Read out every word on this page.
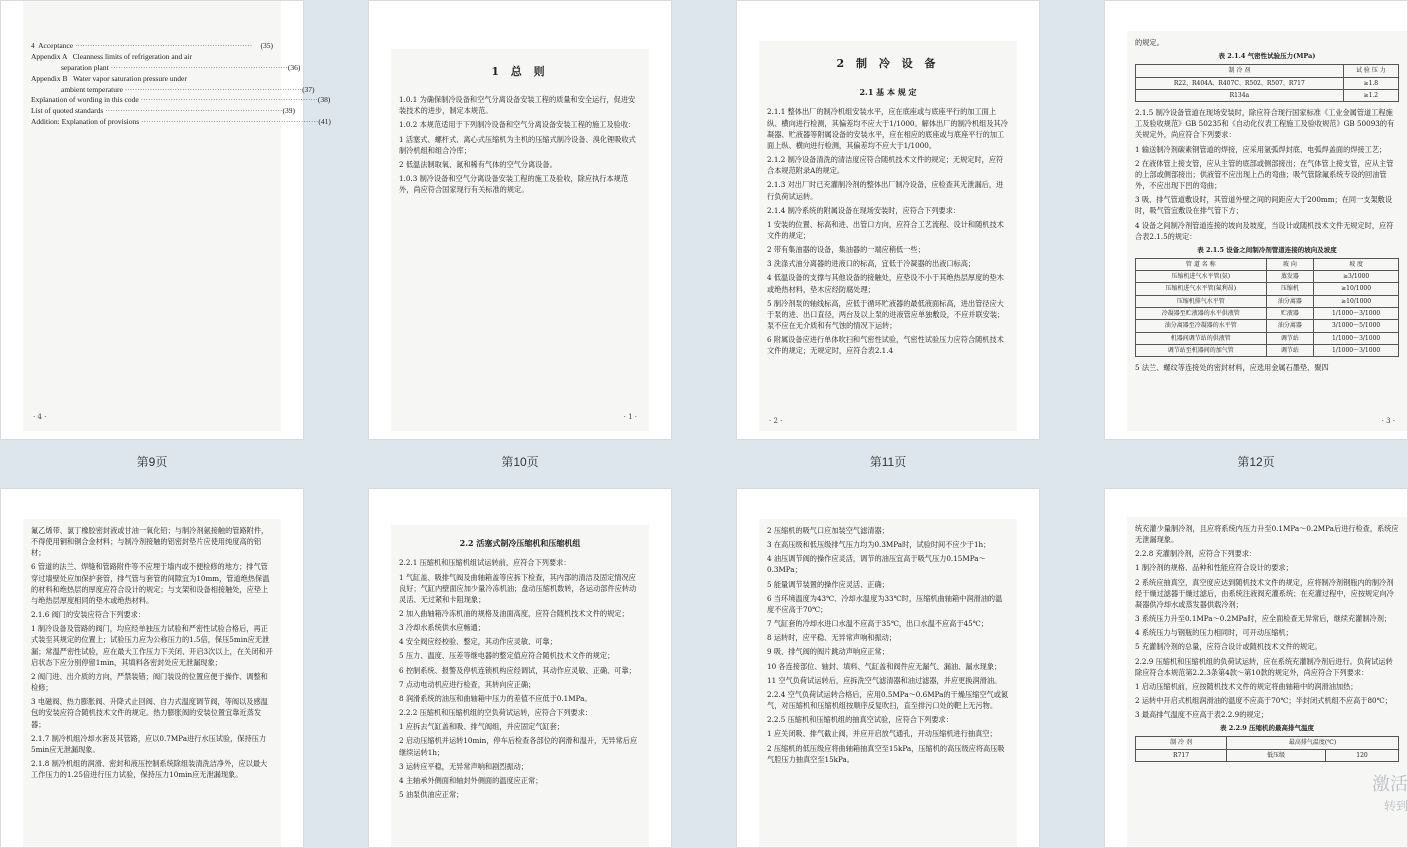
4  Acceptance ·······································································	(35)
Appendix A   Cleanness limits of refrigeration and air
separation plant ······································································· (36)
Appendix B   Water vapor saturation pressure under
ambient temperature ······································································· (37)
Explanation of wording in this code ······································································· (38)
List of quoted standards ······································································· (39)
Addition: Explanation of provisions ······································································· (41)
· 4 ·
第9页
1 总 则
1.0.1 为确保制冷设备和空气分离设备安装工程的质量和安全运行，促进安装技术的进步，制定本规范。
1.0.2 本规范适用于下列制冷设备和空气分离设备安装工程的施工及验收：
1 活塞式、螺杆式、离心式压缩机为主机的压缩式制冷设备、溴化锂吸收式制冷机组和组合冷库；
2 低温法制取氧、氮和稀有气体的空气分离设备。
1.0.3 制冷设备和空气分离设备安装工程的施工及验收，除应执行本规范外，尚应符合国家现行有关标准的规定。
· 1 ·
第10页
2 制 冷 设 备
2.1 基 本 规 定
2.1.1 整体出厂的制冷机组安装水平，应在底座或与底座平行的加工面上纵、横向进行检测，其偏差均不应大于1/1000。解体出厂的制冷机组及其冷凝器、贮液器等附属设备的安装水平，应在相应的底座或与底座平行的加工面上纵、横向进行检测，其偏差均不应大于1/1000。
2.1.2 制冷设备清洗的清洁度应符合随机技术文件的规定；无规定时，应符合本规范附录A的规定。
2.1.3 对出厂时已充灌制冷剂的整体出厂制冷设备，应检查其无泄漏后，进行负荷试运转。
2.1.4 制冷系统的附属设备在现场安装时，应符合下列要求：
1 安装的位置、标高和进、出管口方向，应符合工艺流程、设计和随机技术文件的规定；
2 带有集油器的设备，集油器的一端应稍低一些；
3 洗涤式油分离器的进液口的标高，宜低于冷凝器的出液口标高；
4 低温设备的支撑与其他设备的接触处，应垫设不小于其绝热层厚度的垫木或绝热材料，垫木应经防腐处理；
5 制冷剂泵的轴线标高，应低于循环贮液器的最低液面标高，进出管径应大于泵的进、出口直径，两台及以上泵的进液管应单独敷设，不应并联安装；泵不应在无介质和有气蚀的情况下运转；
6 附属设备应进行单体吹扫和气密性试验，气密性试验压力应符合随机技术文件的规定；无规定时，应符合表2.1.4
· 2 ·
第11页
的规定。
表 2.1.4 气密性试验压力(MPa)
制 冷 剂	试 验 压 力
R22、R404A、R407C、R502、R507、R717	≥1.8
R134a	≥1.2
2.1.5 制冷设备管道在现场安装时，除应符合现行国家标准《工业金属管道工程施工及验收规范》GB 50235和《自动化仪表工程施工及验收规范》GB 50093的有关规定外，尚应符合下列要求：
1 输送制冷剂碳素钢管道的焊接，应采用氩弧焊封底、电弧焊盖面的焊接工艺；
2 在液体管上接支管，应从主管的底部或侧部接出；在气体管上接支管，应从主管的上部或侧部接出；供液管不应出现上凸的弯曲；吸气管除氟系统专设的回油管外，不应出现下凹的弯曲；
3 吸、排气管道敷设时，其管道外壁之间的间距应大于200mm；在同一支架敷设时，吸气管宜敷设在排气管下方；
4 设备之间制冷剂管道连接的坡向及坡度，当设计或随机技术文件无规定时，应符合表2.1.5的规定：
表 2.1.5 设备之间制冷剂管道连接的坡向及坡度
管 道 名 称	坡 向	坡 度
压缩机进气水平管(氨)	蒸发器	≥3/1000
压缩机进气水平管(氟利昂)	压缩机	≥10/1000
压缩机排气水平管	油分离器	≥10/1000
冷凝器至贮液器的水平供液管	贮液器	1/1000～3/1000
油分离器至冷凝器的水平管	油分离器	3/1000～5/1000
机器间调节站的供液管	调节站	1/1000～3/1000
调节站至机器间的加气管	调节站	1/1000～3/1000
5 法兰、螺纹等连接处的密封材料，应选用金属石墨垫、聚四
· 3 ·
第12页
氟乙烯带、氯丁橡胶密封液或甘油一氧化铅；与制冷剂氨接触的管路附件，不得使用铜和铜合金材料；与制冷剂接触的铝密封垫片应使用纯度高的铝材；
6 管道的法兰、焊缝和管路附件等不应埋于墙内或不便检修的地方；排气管穿过墙壁处应加保护套管，排气管与套管的间隙宜为10mm，管道绝热保温的材料和绝热层的厚度应符合设计的规定；与支架和设备相接触处，应垫上与绝热层厚度相同的垫木或绝热材料。
2.1.6 阀门的安装应符合下列要求：
1 制冷设备及管路的阀门，均应经单独压力试验和严密性试验合格后，再正式装至其规定的位置上；试验压力应为公称压力的1.5倍，保压5min应无泄漏；常温严密性试验，应在最大工作压力下关闭、开启3次以上，在关闭和开启状态下应分别停留1min，其填料各密封处应无泄漏现象；
2 阀门进、出介质的方向，严禁装错；阀门装设的位置应便于操作、调整和检修；
3 电磁阀、热力膨胀阀、升降式止回阀、自力式温度调节阀，等阀以及感温包的安装应符合随机技术文件的规定。热力膨胀阀的安装位置宜靠近蒸发器；
2.1.7 制冷机组冷却水套及其管路，应以0.7MPa进行水压试验，保持压力5min应无泄漏现象。
2.1.8 制冷机组的润滑、密封和液压控制系统除组装清洗洁净外，应以最大工作压力的1.25倍进行压力试验，保持压力10min应无泄漏现象。
2.2 活塞式制冷压缩机和压缩机组
2.2.1 压缩机和压缩机组试运转前，应符合下列要求：
1 气缸盖、吸排气阀及曲轴箱盖等应拆下检查，其内部的清洁及固定情况应良好；气缸内壁面应加少量冷冻机油；盘动压缩机数转，各运动部件应转动灵活、无过紧和卡阻现象；
2 加入曲轴箱冷冻机油的规格及油面高度，应符合随机技术文件的规定；
3 冷却水系统供水应畅通；
4 安全阀应经校验、整定，其动作应灵敏、可靠；
5 压力、温度、压差等继电器的整定值应符合随机技术文件的规定；
6 控制系统、报警及停机连锁机构应经调试，其动作应灵敏、正确、可靠；
7 点动电动机应进行检查，其转向应正确；
8 润滑系统的油压和曲轴箱中压力的差值不应低于0.1MPa。
2.2.2 压缩机和压缩机组的空负荷试运转，应符合下列要求：
1 应拆去气缸盖和吸、排气阀组，并应固定气缸套；
2 启动压缩机并运转10min，停车后检查各部位的润滑和温升，无异常后应继续运转1h；
3 运转应平稳，无异常声响和剧烈振动；
4 主轴承外侧面和轴封外侧面的温度应正常；
5 油泵供油应正常；
2 压缩机的吸气口应加装空气滤清器；
3 在高压级和低压级排气压力均为0.3MPa时，试验时间不应少于1h；
4 油压调节阀的操作应灵活，调节的油压宜高于吸气压力0.15MPa～0.3MPa；
5 能量调节装置的操作应灵活、正确；
6 当环境温度为43℃、冷却水温度为33℃时，压缩机曲轴箱中润滑油的温度不应高于70℃；
7 气缸套的冷却水进口水温不应高于35℃，出口水温不应高于45℃；
8 运转时，应平稳、无异常声响和振动；
9 吸、排气阀的阀片跳动声响应正常；
10 各连接部位、轴封、填料、气缸盖和阀件应无漏气、漏油、漏水现象；
11 空气负荷试运转后，应拆洗空气滤清器和油过滤器，并应更换润滑油。
2.2.4 空气负荷试运转合格后，应用0.5MPa～0.6MPa的干燥压缩空气或氮气，对压缩机和压缩机组按顺序反复吹扫，直至排污口处的靶上无污物。
2.2.5 压缩机和压缩机组的抽真空试验，应符合下列要求：
1 应关闭吸、排气截止阀，并应开启放气通孔，开动压缩机进行抽真空；
2 压缩机的低压级应将曲轴箱抽真空至15kPa，压缩机的高压级应将高压吸气腔压力抽真空至15kPa。
统充灌少量制冷剂，且应将系统内压力升至0.1MPa～0.2MPa后进行检查，系统应无泄漏现象。
2.2.8 充灌制冷剂，应符合下列要求：
1 制冷剂的规格、品种和性能应符合设计的要求；
2 系统应抽真空，真空度应达到随机技术文件的规定，应将制冷剂钢瓶内的制冷剂经干燥过滤器干燥过滤后，由系统注液阀充灌系统；在充灌过程中，应按规定向冷凝器供冷却水或蒸发器供载冷剂；
3 系统压力升至0.1MPa～0.2MPa时，应全面检查无异常后，继续充灌制冷剂；
4 系统压力与钢瓶的压力相同时，可开动压缩机；
5 充灌制冷剂的总量，应符合设计或随机技术文件的规定。
2.2.9 压缩机和压缩机组的负荷试运转，应在系统充灌制冷剂后进行。负荷试运转除应符合本规范第2.2.3条第4款～第10款的规定外，尚应符合下列要求：
1 启动压缩机前，应按随机技术文件的规定将曲轴箱中的润滑油加热；
2 运转中开启式机组润滑油的温度不应高于70℃；半封闭式机组不应高于80℃；
3 最高排气温度不应高于表2.2.9的规定；
表 2.2.9 压缩机的最高排气温度
制 冷 剂	最高排气温度(℃)	
R717	低压级	120
激活
转到
